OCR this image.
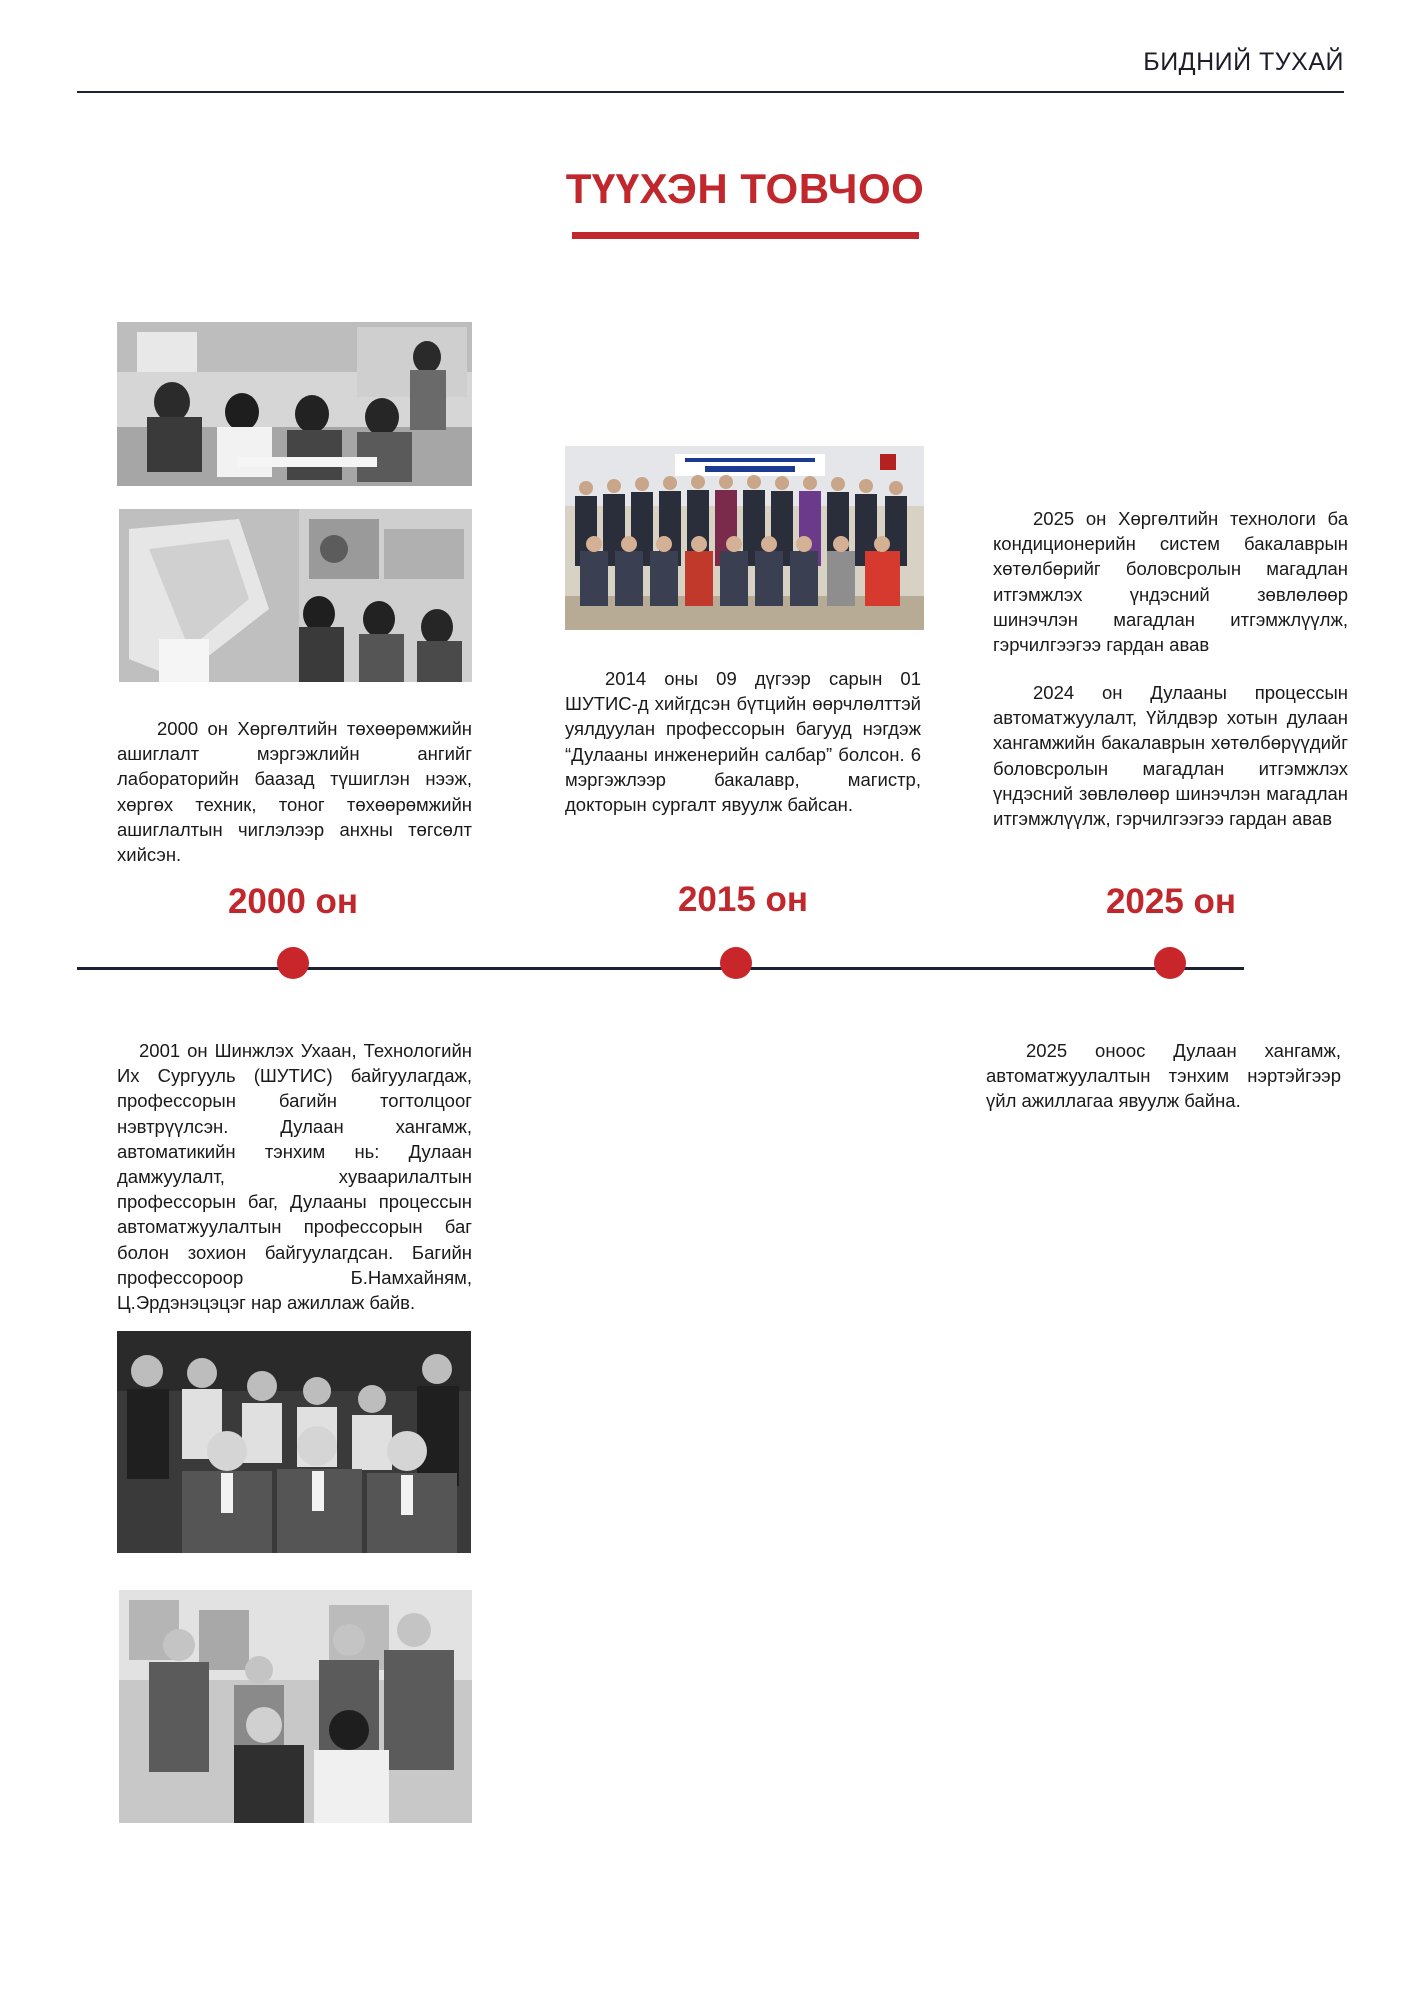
БИДНИЙ ТУХАЙ
ТҮҮХЭН ТОВЧОО
2000 он Хөргөлтийн төхөөрөмжийн ашиглалт мэргэжлийн ангийг лабораторийн баазад түшиглэн нээж, хөргөх техник, тоног төхөөрөмжийн ашиглалтын чиглэлээр анхны төгсөлт хийсэн.
2014 оны 09 дүгээр сарын 01 ШУТИС-д хийгдсэн бүтцийн өөрчлөлттэй уялдуулан профессорын багууд нэгдэж “Дулааны инженерийн салбар” болсон. 6 мэргэжлээр бакалавр, магистр, докторын сургалт явуулж байсан.
2025 он Хөргөлтийн технологи ба кондиционерийн систем бакалаврын хөтөлбөрийг боловсролын магадлан итгэмжлэх үндэсний зөвлөлөөр шинэчлэн магадлан итгэмжлүүлж, гэрчилгээгээ гардан авав
2024 он Дулааны процессын автоматжуулалт, Үйлдвэр хотын дулаан хангамжийн бакалаврын хөтөлбөрүүдийг боловсролын магадлан итгэмжлэх үндэсний зөвлөлөөр шинэчлэн магадлан итгэмжлүүлж, гэрчилгээгээ гардан авав
2000 он	2015 он	2025 он
2001 он Шинжлэх Ухаан, Технологийн Их Сургууль (ШУТИС) байгуулагдаж, профессорын багийн тогтолцоог нэвтрүүлсэн. Дулаан хангамж, автоматикийн тэнхим нь: Дулаан дамжуулалт, хуваарилалтын профессорын баг, Дулааны процессын автоматжуулалтын профессорын баг болон зохион байгуулагдсан. Багийн профессороор Б.Намхайням, Ц.Эрдэнэцэцэг нар ажиллаж байв.
2025 оноос Дулаан хангамж, автоматжуулалтын тэнхим нэртэйгээр үйл ажиллагаа явуулж байна.
